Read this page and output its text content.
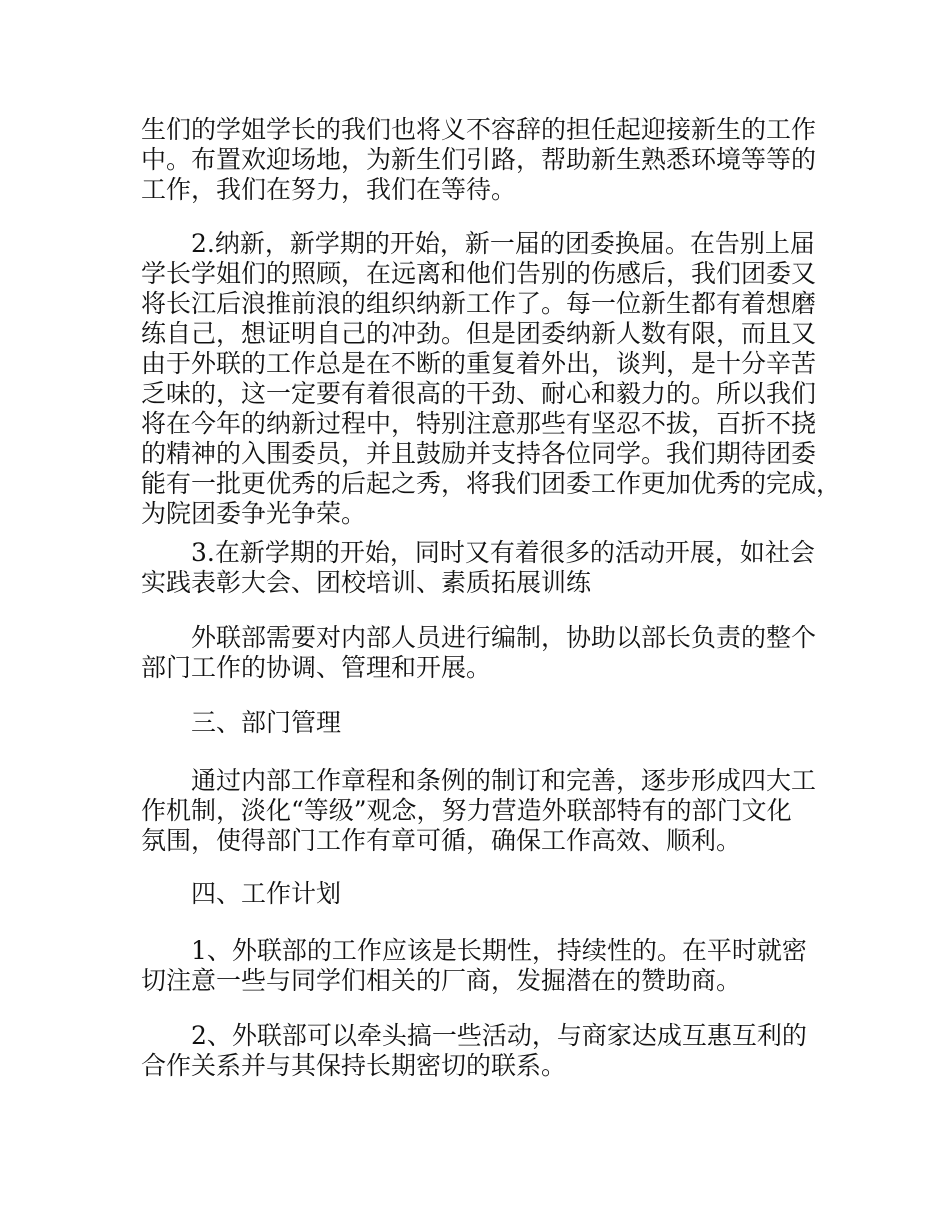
生们的学姐学长的我们也将义不容辞的担任起迎接新生的工作
中。布置欢迎场地，为新生们引路，帮助新生熟悉环境等等的
工作，我们在努力，我们在等待。
2.纳新，新学期的开始，新一届的团委换届。在告别上届
学长学姐们的照顾，在远离和他们告别的伤感后，我们团委又
将长江后浪推前浪的组织纳新工作了。每一位新生都有着想磨
练自己，想证明自己的冲劲。但是团委纳新人数有限，而且又
由于外联的工作总是在不断的重复着外出，谈判，是十分辛苦
乏味的，这一定要有着很高的干劲、耐心和毅力的。所以我们
将在今年的纳新过程中，特别注意那些有坚忍不拔，百折不挠
的精神的入围委员，并且鼓励并支持各位同学。我们期待团委
能有一批更优秀的后起之秀，将我们团委工作更加优秀的完成，
为院团委争光争荣。
3.在新学期的开始，同时又有着很多的活动开展，如社会
实践表彰大会、团校培训、素质拓展训练
外联部需要对内部人员进行编制，协助以部长负责的整个
部门工作的协调、管理和开展。
三、部门管理
通过内部工作章程和条例的制订和完善，逐步形成四大工
作机制，淡化“等级”观念，努力营造外联部特有的部门文化
氛围，使得部门工作有章可循，确保工作高效、顺利。
四、工作计划
1、外联部的工作应该是长期性，持续性的。在平时就密
切注意一些与同学们相关的厂商，发掘潜在的赞助商。
2、外联部可以牵头搞一些活动，与商家达成互惠互利的
合作关系并与其保持长期密切的联系。
